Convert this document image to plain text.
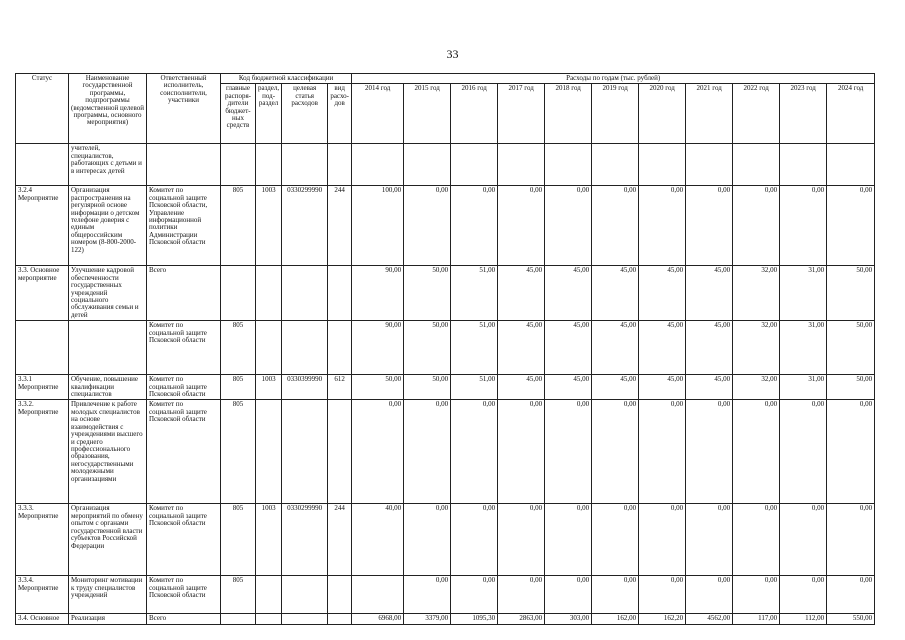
33
Статус	Наименование государственной программы, подпрограммы (ведомственной целевой программы, основного мероприятия)	Ответственный исполнитель, соисполнители, участники	Код бюджетной классификации				Расходы по годам (тыс. рублей)										
			главные распоря-дители бюджет-ных средств	раздел, под-раздел	целевая статья расходов	вид расхо-дов	2014 год	2015 год	2016 год	2017 год	2018 год	2019 год	2020 год	2021 год	2022 год	2023 год	2024 год
	учителей, специалистов, работающих с детьми и в интересах детей																
3.2.4 Мероприятие	Организация распространения на регулярной основе информации о детском телефоне доверия с единым общероссийским номером (8-800-2000-122)	Комитет по социальной защите Псковской области, Управление информационной политики Администрации Псковской области	805	1003	0330299990	244	100,00	0,00	0,00	0,00	0,00	0,00	0,00	0,00	0,00	0,00	0,00
3.3. Основное мероприятие	Улучшение кадровой обеспеченности государственных учреждений социального обслуживания семьи и детей	Всего					90,00	50,00	51,00	45,00	45,00	45,00	45,00	45,00	32,00	31,00	50,00
		Комитет по социальной защите Псковской области	805				90,00	50,00	51,00	45,00	45,00	45,00	45,00	45,00	32,00	31,00	50,00
3.3.1 Мероприятие	Обучение, повышение квалификации специалистов	Комитет по социальной защите Псковской области	805	1003	0330399990	612	50,00	50,00	51,00	45,00	45,00	45,00	45,00	45,00	32,00	31,00	50,00
3.3.2. Мероприятие	Привлечение к работе молодых специалистов на основе взаимодействия с учреждениями высшего и среднего профессионального образования, негосударственными молодежными организациями	Комитет по социальной защите Псковской области	805				0,00	0,00	0,00	0,00	0,00	0,00	0,00	0,00	0,00	0,00	0,00
3.3.3. Мероприятие	Организация мероприятий по обмену опытом с органами государственной власти субъектов Российской Федерации	Комитет по социальной защите Псковской области	805	1003	0330299990	244	40,00	0,00	0,00	0,00	0,00	0,00	0,00	0,00	0,00	0,00	0,00
3.3.4. Мероприятие	Мониторинг мотивации к труду специалистов учреждений	Комитет по социальной защите Псковской области	805					0,00	0,00	0,00	0,00	0,00	0,00	0,00	0,00	0,00	0,00
3.4. Основное	Реализация	Всего					6968,00	3379,00	1095,30	2863,00	303,00	162,00	162,20	4562,00	117,00	112,00	550,00
